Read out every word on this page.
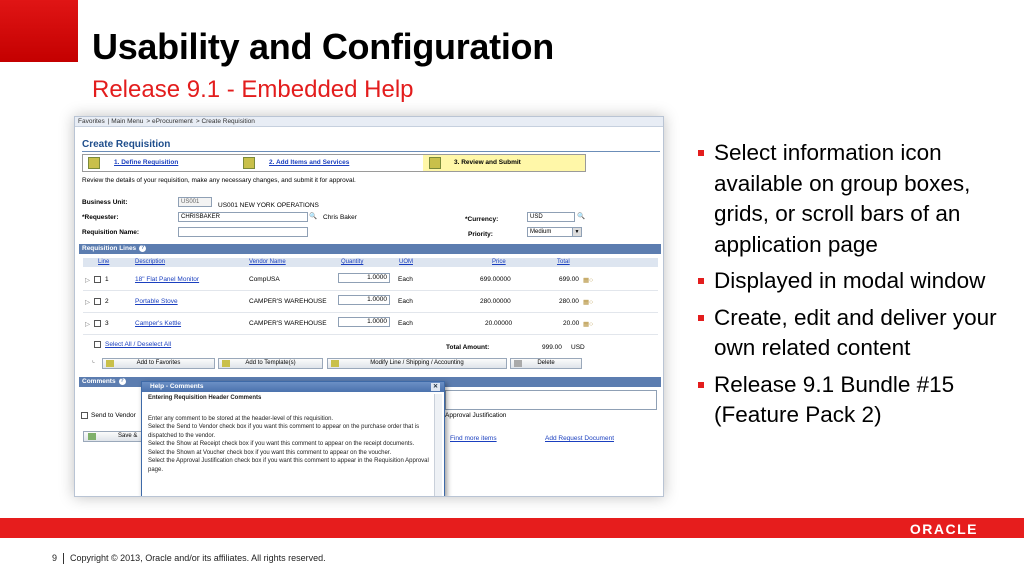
Usability and Configuration
Release 9.1 - Embedded Help
Favorites | Main Menu > eProcurement > Create Requisition
Create Requisition
1. Define Requisition	2. Add Items and Services	3. Review and Submit
Review the details of your requisition, make any necessary changes, and submit it for approval.
Business Unit:	US001	US001 NEW YORK OPERATIONS
*Requester:	CHRISBAKER	🔍 Chris Baker	*Currency:	USD	🔍
Requisition Name:	Priority:	Medium	▼
Requisition Lines ?
Line	Description	Vendor Name	Quantity	UOM	Price	Total
▷ 1	18" Flat Panel Monitor	CompUSA	1.0000	Each	699.00000	699.00 ▦○
▷ 2	Portable Stove	CAMPER'S WAREHOUSE	1.0000	Each	280.00000	280.00 ▦○
▷ 3	Camper's Kettle	CAMPER'S WAREHOUSE	1.0000	Each	20.00000	20.00 ▦○
Select All / Deselect All	Total Amount:	999.00 USD
⌞	Add to Favorites	Add to Template(s)	Modify Line / Shipping / Accounting	Delete
Comments ?
Send to Vendor	Approval Justification
Save &	Find more items	Add Request Document
Help - Comments	✕
Entering Requisition Header Comments
Enter any comment to be stored at the header-level of this requisition.
Select the Send to Vendor check box if you want this comment to appear on the purchase order that is dispatched to the vendor.
Select the Show at Receipt check box if you want this comment to appear on the receipt documents.
Select the Shown at Voucher check box if you want this comment to appear on the voucher.
Select the Approval Justification check box if you want this comment to appear in the Requisition Approval page.
Select information icon available on group boxes, grids, or scroll bars of an application page
Displayed in modal window
Create, edit and deliver your own related content
Release 9.1 Bundle #15 (Feature Pack 2)
ORACLE
9 Copyright © 2013, Oracle and/or its affiliates. All rights reserved.
